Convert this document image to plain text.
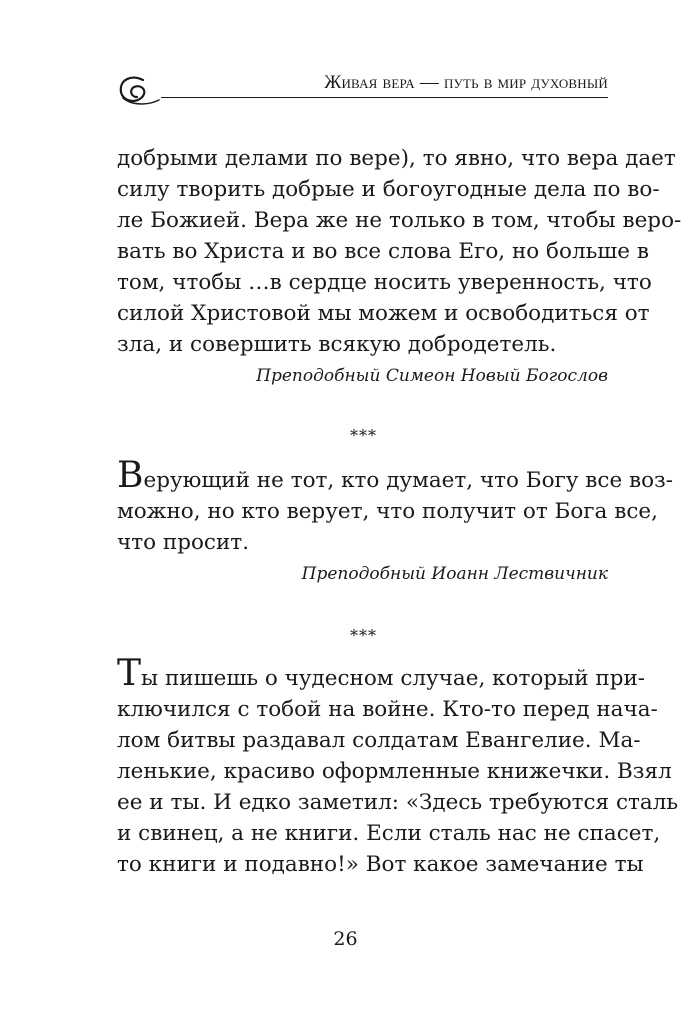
Живая вера — путь в мир духовный

добрыми делами по вере), то явно, что вера дает
силу творить добрые и богоугодные дела по во-
ле Божией. Вера же не только в том, чтобы веро-
вать во Христа и во все слова Его, но больше в
том, чтобы …в сердце носить уверенность, что
силой Христовой мы можем и освободиться от
зла, и совершить всякую добродетель.

Преподобный Симеон Новый Богослов
***

Верующий не тот, кто думает, что Богу все воз-
можно, но кто верует, что получит от Бога все,
что просит.

Преподобный Иоанн Лествичник
***

Ты пишешь о чудесном случае, который при-
ключился с тобой на войне. Кто-то перед нача-
лом битвы раздавал солдатам Евангелие. Ма-
ленькие, красиво оформленные книжечки. Взял
ее и ты. И едко заметил: «Здесь требуются сталь
и свинец, а не книги. Если сталь нас не спасет,
то книги и подавно!» Вот какое замечание ты

26
